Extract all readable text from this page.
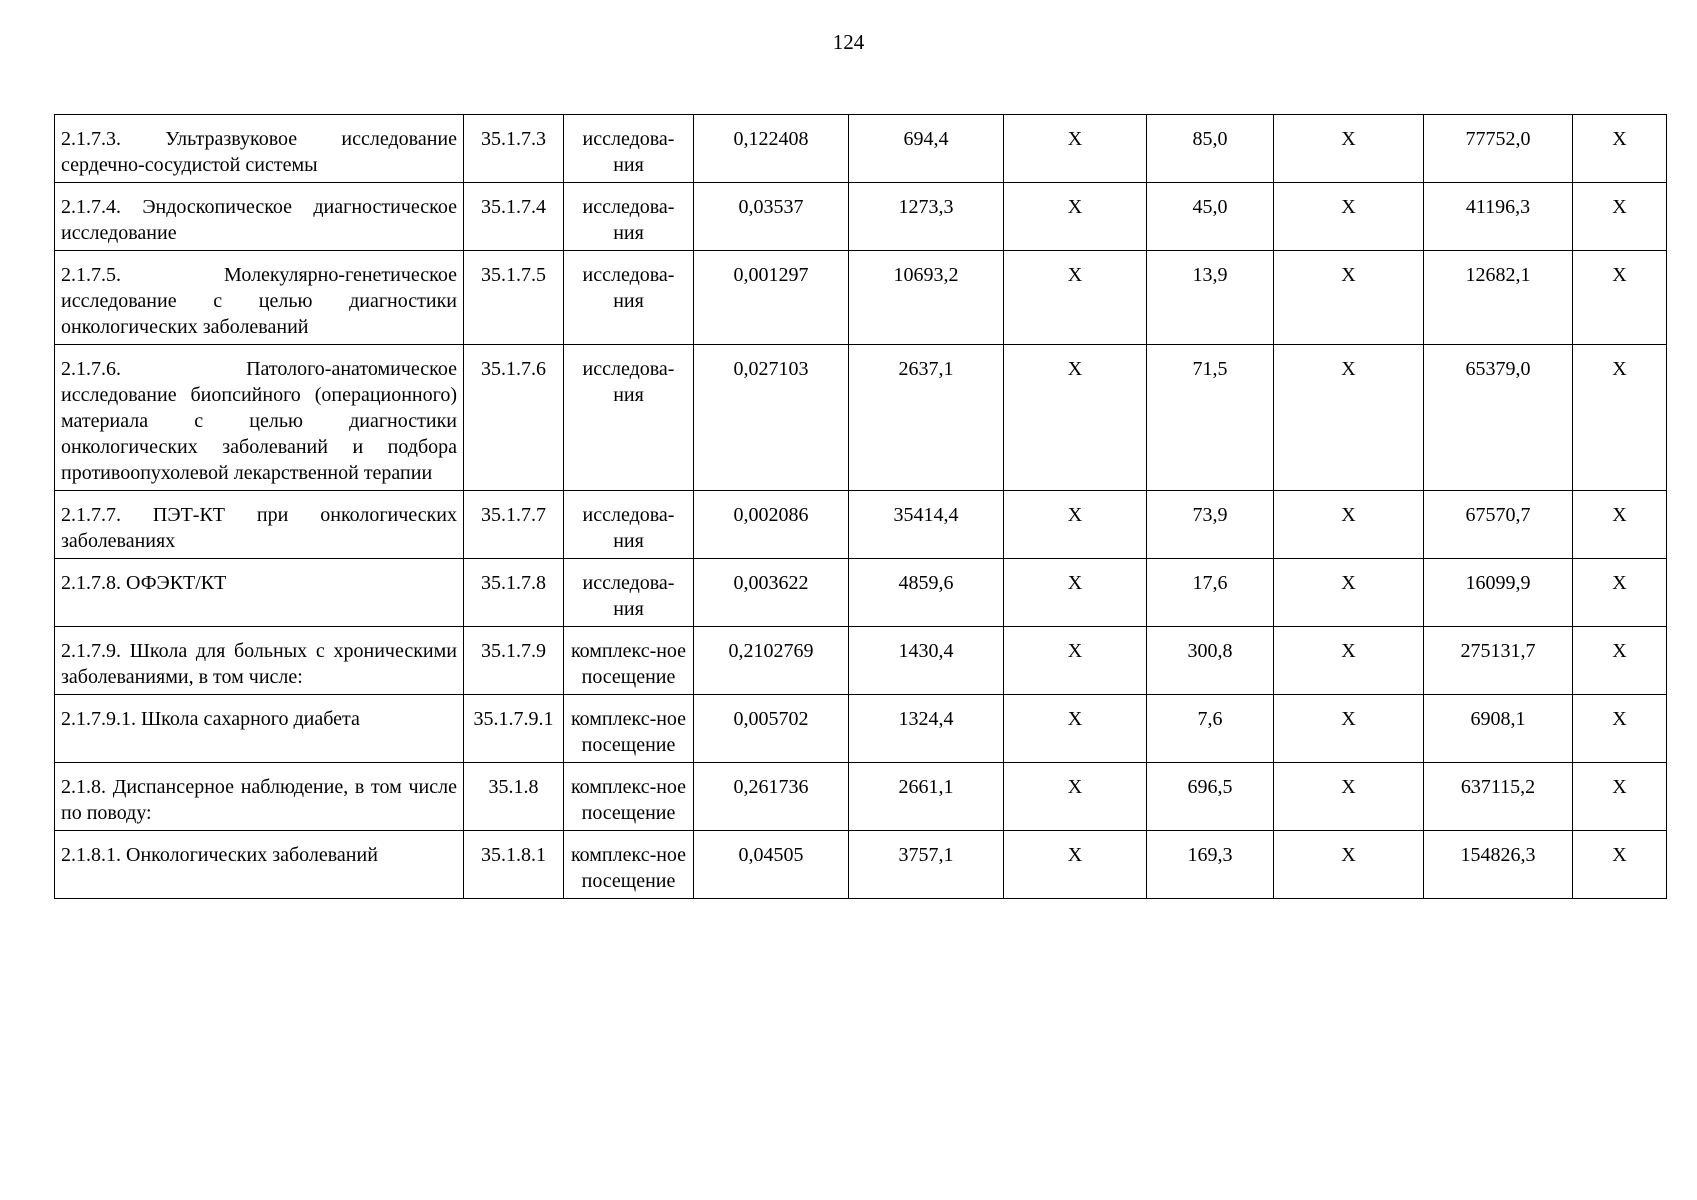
124
2.1.7.3. Ультразвуковое исследование сердечно-сосудистой системы	35.1.7.3	исследова-ния	0,122408	694,4	Х	85,0	Х	77752,0	Х
2.1.7.4. Эндоскопическое диагностическое исследование	35.1.7.4	исследова-ния	0,03537	1273,3	Х	45,0	Х	41196,3	Х
2.1.7.5. Молекулярно-генетическое исследование с целью диагностики онкологических заболеваний	35.1.7.5	исследова-ния	0,001297	10693,2	Х	13,9	Х	12682,1	Х
2.1.7.6. Патолого-анатомическое исследование биопсийного (операционного) материала с целью диагностики онкологических заболеваний и подбора противоопухолевой лекарственной терапии	35.1.7.6	исследова-ния	0,027103	2637,1	Х	71,5	Х	65379,0	Х
2.1.7.7. ПЭТ-КТ при онкологических заболеваниях	35.1.7.7	исследова-ния	0,002086	35414,4	Х	73,9	Х	67570,7	Х
2.1.7.8. ОФЭКТ/КТ	35.1.7.8	исследова-ния	0,003622	4859,6	Х	17,6	Х	16099,9	Х
2.1.7.9. Школа для больных с хроническими заболеваниями, в том числе:	35.1.7.9	комплекс-ное посещение	0,2102769	1430,4	Х	300,8	Х	275131,7	Х
2.1.7.9.1. Школа сахарного диабета	35.1.7.9.1	комплекс-ное посещение	0,005702	1324,4	Х	7,6	Х	6908,1	Х
2.1.8. Диспансерное наблюдение, в том числе по поводу:	35.1.8	комплекс-ное посещение	0,261736	2661,1	Х	696,5	Х	637115,2	Х
2.1.8.1. Онкологических заболеваний	35.1.8.1	комплекс-ное посещение	0,04505	3757,1	Х	169,3	Х	154826,3	Х
